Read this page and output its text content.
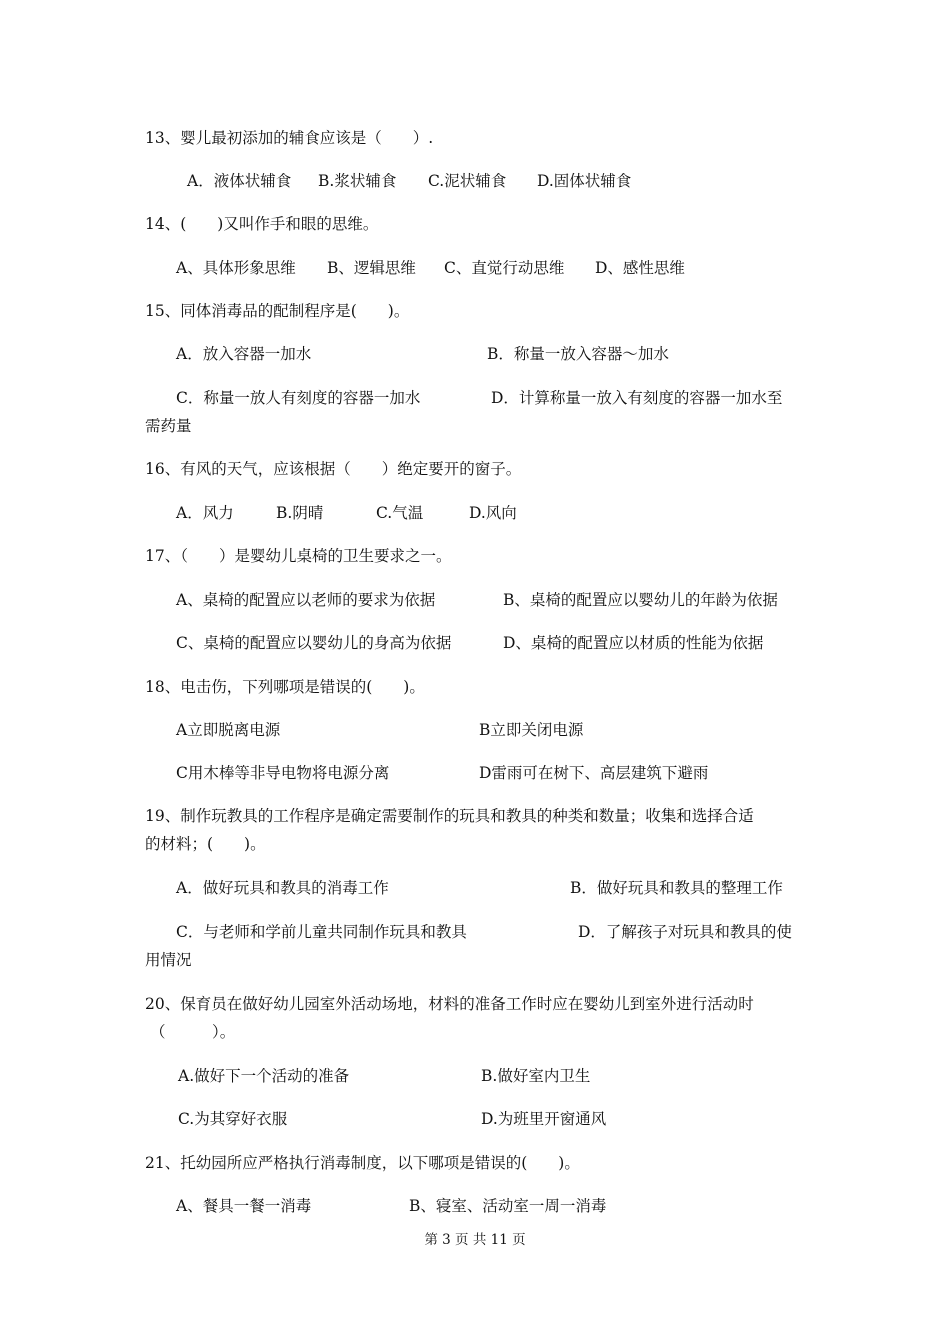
13、婴儿最初添加的辅食应该是（　　）.
A．液体状辅食 B.浆状辅食 C.泥状辅食 D.固体状辅食
14、(　　)又叫作手和眼的思维。
A、具体形象思维 B、逻辑思维 C、直觉行动思维 D、感性思维
15、同体消毒品的配制程序是(　　)。
A．放入容器一加水	B．称量一放入容器～加水
C．称量一放人有刻度的容器一加水	D．计算称量一放入有刻度的容器一加水至
需药量
16、有风的天气，应该根据（　　）绝定要开的窗子。
A．风力	B.阴晴	C.气温	D.风向
17、（　　）是婴幼儿桌椅的卫生要求之一。
A、桌椅的配置应以老师的要求为依据	B、桌椅的配置应以婴幼儿的年龄为依据
C、桌椅的配置应以婴幼儿的身高为依据	D、桌椅的配置应以材质的性能为依据
18、电击伤，下列哪项是错误的(　　)。
A立即脱离电源	B立即关闭电源
C用木棒等非导电物将电源分离	D雷雨可在树下、高层建筑下避雨
19、制作玩教具的工作程序是确定需要制作的玩具和教具的种类和数量；收集和选择合适
的材料；(　　)。
A．做好玩具和教具的消毒工作	B．做好玩具和教具的整理工作
C．与老师和学前儿童共同制作玩具和教具	D．了解孩子对玩具和教具的使
用情况
20、保育员在做好幼儿园室外活动场地，材料的准备工作时应在婴幼儿到室外进行活动时
（　　　）。
A.做好下一个活动的准备	B.做好室内卫生
C.为其穿好衣服	D.为班里开窗通风
21、托幼园所应严格执行消毒制度，以下哪项是错误的(　　)。
A、餐具一餐一消毒	B、寝室、活动室一周一消毒
第 3 页 共 11 页
